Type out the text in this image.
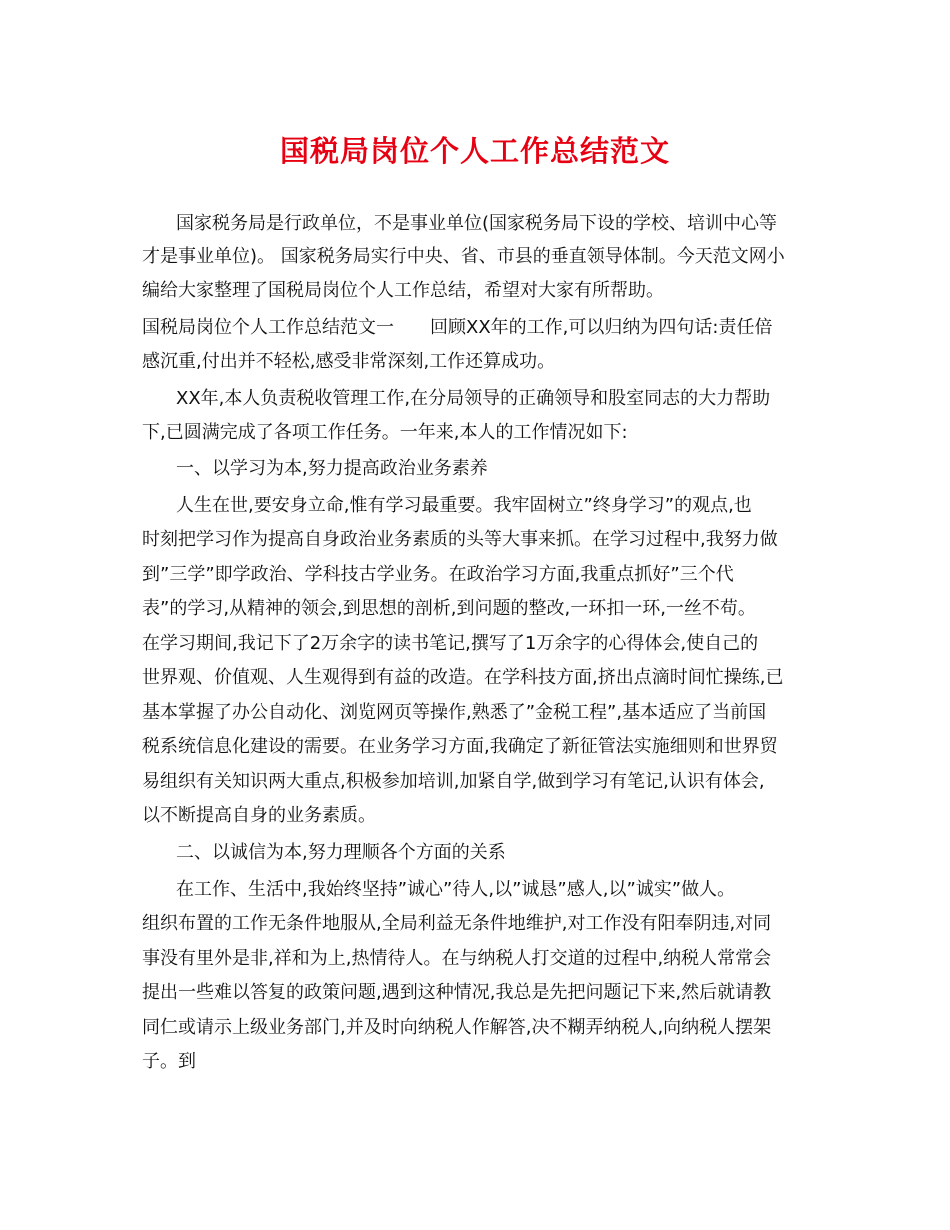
国税局岗位个人工作总结范文
国家税务局是行政单位，不是事业单位(国家税务局下设的学校、培训中心等
才是事业单位)。 国家税务局实行中央、省、市县的垂直领导体制。今天范文网小
编给大家整理了国税局岗位个人工作总结，希望对大家有所帮助。
国税局岗位个人工作总结范文一　　回顾XX年的工作,可以归纳为四句话:责任倍
感沉重,付出并不轻松,感受非常深刻,工作还算成功。
XX年,本人负责税收管理工作,在分局领导的正确领导和股室同志的大力帮助
下,已圆满完成了各项工作任务。一年来,本人的工作情况如下:
一、以学习为本,努力提高政治业务素养
人生在世,要安身立命,惟有学习最重要。我牢固树立”终身学习”的观点,也
时刻把学习作为提高自身政治业务素质的头等大事来抓。在学习过程中,我努力做
到”三学”即学政治、学科技古学业务。在政治学习方面,我重点抓好”三个代
表”的学习,从精神的领会,到思想的剖析,到问题的整改,一环扣一环,一丝不苟。
在学习期间,我记下了2万余字的读书笔记,撰写了1万余字的心得体会,使自己的
世界观、价值观、人生观得到有益的改造。在学科技方面,挤出点滴时间忙操练,已
基本掌握了办公自动化、浏览网页等操作,熟悉了”金税工程”,基本适应了当前国
税系统信息化建设的需要。在业务学习方面,我确定了新征管法实施细则和世界贸
易组织有关知识两大重点,积极参加培训,加紧自学,做到学习有笔记,认识有体会,
以不断提高自身的业务素质。
二、以诚信为本,努力理顺各个方面的关系
在工作、生活中,我始终坚持”诚心”待人,以”诚恳”感人,以”诚实”做人。
组织布置的工作无条件地服从,全局利益无条件地维护,对工作没有阳奉阴违,对同
事没有里外是非,祥和为上,热情待人。在与纳税人打交道的过程中,纳税人常常会
提出一些难以答复的政策问题,遇到这种情况,我总是先把问题记下来,然后就请教
同仁或请示上级业务部门,并及时向纳税人作解答,决不糊弄纳税人,向纳税人摆架
子。到
